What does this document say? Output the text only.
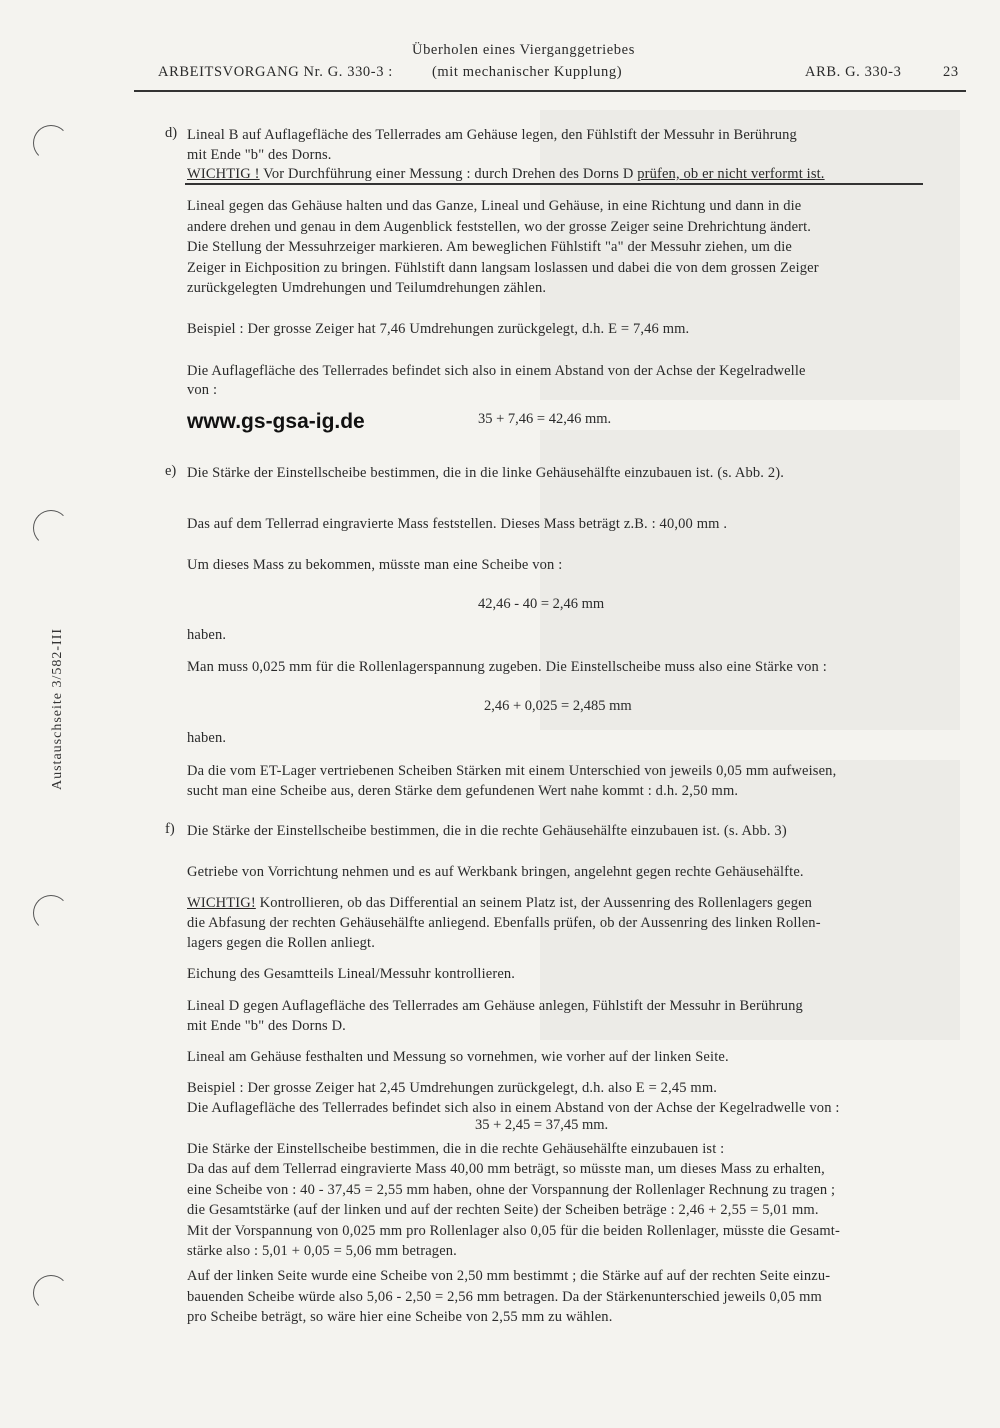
ARBEITSVORGANG Nr. G. 330-3 :
Überholen eines Vierganggetriebes
(mit mechanischer Kupplung)	ARB. G. 330-3	23
Austauschseite 3/582-III
d) Lineal B auf Auflagefläche des Tellerrades am Gehäuse legen, den Fühlstift der Messuhr in Berührung
mit Ende "b" des Dorns.
WICHTIG ! Vor Durchführung einer Messung : durch Drehen des Dorns D prüfen, ob er nicht verformt ist.
Lineal gegen das Gehäuse halten und das Ganze, Lineal und Gehäuse, in eine Richtung und dann in die
andere drehen und genau in dem Augenblick feststellen, wo der grosse Zeiger seine Drehrichtung ändert.
Die Stellung der Messuhrzeiger markieren. Am beweglichen Fühlstift "a" der Messuhr ziehen, um die
Zeiger in Eichposition zu bringen. Fühlstift dann langsam loslassen und dabei die von dem grossen Zeiger
zurückgelegten Umdrehungen und Teilumdrehungen zählen.
Beispiel : Der grosse Zeiger hat 7,46 Umdrehungen zurückgelegt, d.h. E = 7,46 mm.
Die Auflagefläche des Tellerrades befindet sich also in einem Abstand von der Achse der Kegelradwelle
von :
www.gs-gsa-ig.de	35 + 7,46 = 42,46 mm.
e) Die Stärke der Einstellscheibe bestimmen, die in die linke Gehäusehälfte einzubauen ist. (s. Abb. 2).
Das auf dem Tellerrad eingravierte Mass feststellen. Dieses Mass beträgt z.B. : 40,00 mm .
Um dieses Mass zu bekommen, müsste man eine Scheibe von :
42,46 - 40 = 2,46 mm
haben.
Man muss 0,025 mm für die Rollenlagerspannung zugeben. Die Einstellscheibe muss also eine Stärke von :
2,46 + 0,025 = 2,485 mm
haben.
Da die vom ET-Lager vertriebenen Scheiben Stärken mit einem Unterschied von jeweils 0,05 mm aufweisen,
sucht man eine Scheibe aus, deren Stärke dem gefundenen Wert nahe kommt : d.h. 2,50 mm.
f) Die Stärke der Einstellscheibe bestimmen, die in die rechte Gehäusehälfte einzubauen ist. (s. Abb. 3)
Getriebe von Vorrichtung nehmen und es auf Werkbank bringen, angelehnt gegen rechte Gehäusehälfte.
WICHTIG! Kontrollieren, ob das Differential an seinem Platz ist, der Aussenring des Rollenlagers gegen
die Abfasung der rechten Gehäusehälfte anliegend. Ebenfalls prüfen, ob der Aussenring des linken Rollen-
lagers gegen die Rollen anliegt.
Eichung des Gesamtteils Lineal/Messuhr kontrollieren.
Lineal D gegen Auflagefläche des Tellerrades am Gehäuse anlegen, Fühlstift der Messuhr in Berührung
mit Ende "b" des Dorns D.
Lineal am Gehäuse festhalten und Messung so vornehmen, wie vorher auf der linken Seite.
Beispiel : Der grosse Zeiger hat 2,45 Umdrehungen zurückgelegt, d.h. also E = 2,45 mm.
Die Auflagefläche des Tellerrades befindet sich also in einem Abstand von der Achse der Kegelradwelle von :
35 + 2,45 = 37,45 mm.
Die Stärke der Einstellscheibe bestimmen, die in die rechte Gehäusehälfte einzubauen ist :
Da das auf dem Tellerrad eingravierte Mass 40,00 mm beträgt, so müsste man, um dieses Mass zu erhalten,
eine Scheibe von : 40 - 37,45 = 2,55 mm haben, ohne der Vorspannung der Rollenlager Rechnung zu tragen ;
die Gesamtstärke (auf der linken und auf der rechten Seite) der Scheiben beträge : 2,46 + 2,55 = 5,01 mm.
Mit der Vorspannung von 0,025 mm pro Rollenlager also 0,05 für die beiden Rollenlager, müsste die Gesamt-
stärke also : 5,01 + 0,05 = 5,06 mm betragen.
Auf der linken Seite wurde eine Scheibe von 2,50 mm bestimmt ; die Stärke auf auf der rechten Seite einzu-
bauenden Scheibe würde also 5,06 - 2,50 = 2,56 mm betragen. Da der Stärkenunterschied jeweils 0,05 mm
pro Scheibe beträgt, so wäre hier eine Scheibe von 2,55 mm zu wählen.
